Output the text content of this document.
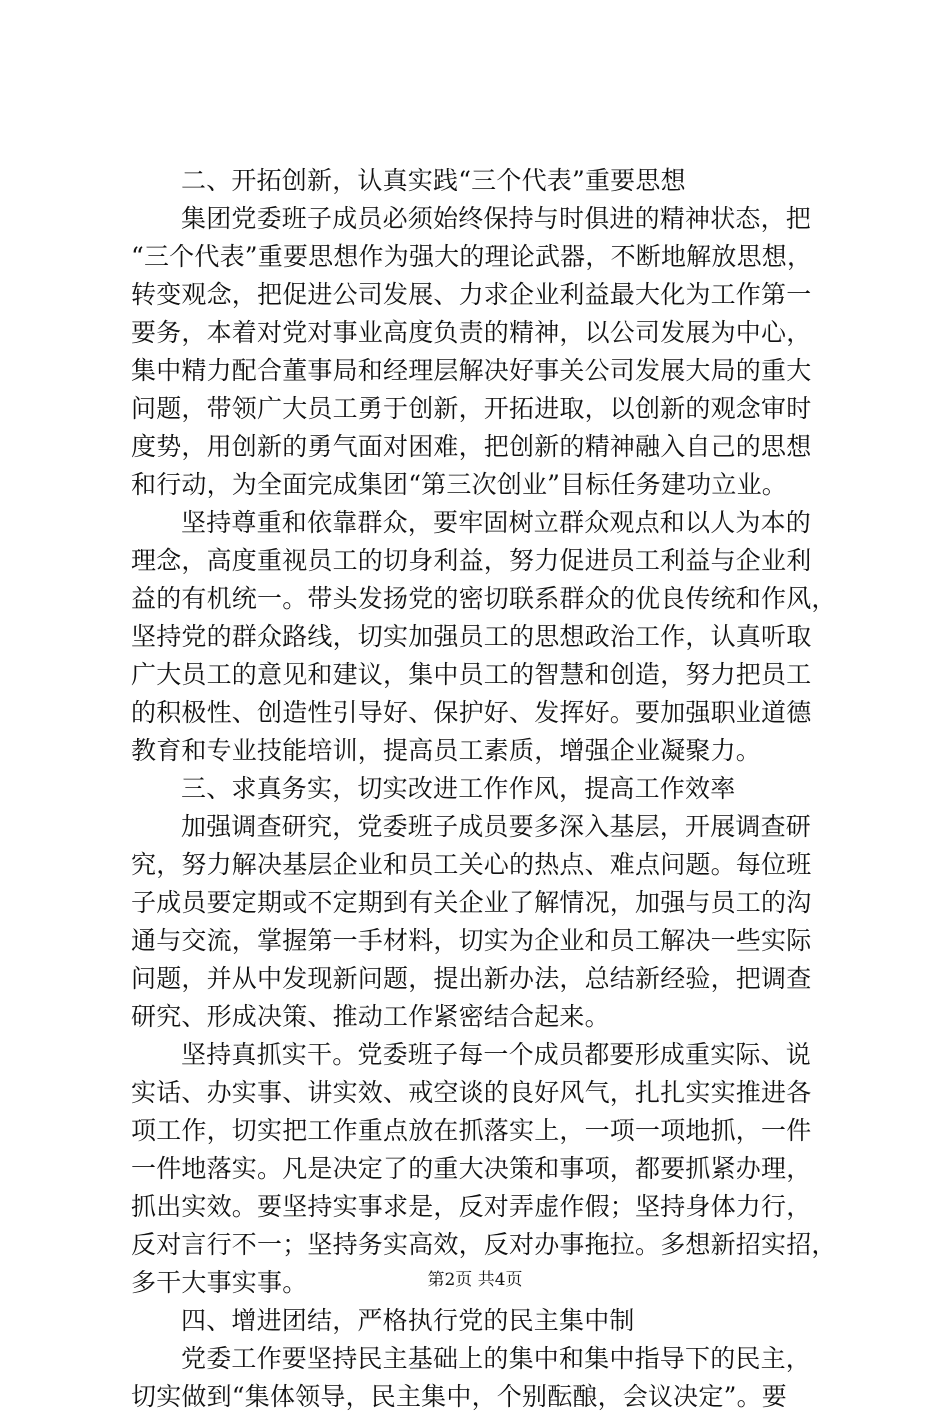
二、开拓创新，认真实践“三个代表”重要思想
集团党委班子成员必须始终保持与时俱进的精神状态，把
“三个代表”重要思想作为强大的理论武器，不断地解放思想，
转变观念，把促进公司发展、力求企业利益最大化为工作第一
要务，本着对党对事业高度负责的精神，以公司发展为中心，
集中精力配合董事局和经理层解决好事关公司发展大局的重大
问题，带领广大员工勇于创新，开拓进取，以创新的观念审时
度势，用创新的勇气面对困难，把创新的精神融入自己的思想
和行动，为全面完成集团“第三次创业”目标任务建功立业。
坚持尊重和依靠群众，要牢固树立群众观点和以人为本的
理念，高度重视员工的切身利益，努力促进员工利益与企业利
益的有机统一。带头发扬党的密切联系群众的优良传统和作风，
坚持党的群众路线，切实加强员工的思想政治工作，认真听取
广大员工的意见和建议，集中员工的智慧和创造，努力把员工
的积极性、创造性引导好、保护好、发挥好。要加强职业道德
教育和专业技能培训，提高员工素质，增强企业凝聚力。
三、求真务实，切实改进工作作风，提高工作效率
加强调查研究，党委班子成员要多深入基层，开展调查研
究，努力解决基层企业和员工关心的热点、难点问题。每位班
子成员要定期或不定期到有关企业了解情况，加强与员工的沟
通与交流，掌握第一手材料，切实为企业和员工解决一些实际
问题，并从中发现新问题，提出新办法，总结新经验，把调查
研究、形成决策、推动工作紧密结合起来。
坚持真抓实干。党委班子每一个成员都要形成重实际、说
实话、办实事、讲实效、戒空谈的良好风气，扎扎实实推进各
项工作，切实把工作重点放在抓落实上，一项一项地抓，一件
一件地落实。凡是决定了的重大决策和事项，都要抓紧办理，
抓出实效。要坚持实事求是，反对弄虚作假；坚持身体力行，
反对言行不一；坚持务实高效，反对办事拖拉。多想新招实招，
多干大事实事。
四、增进团结，严格执行党的民主集中制
党委工作要坚持民主基础上的集中和集中指导下的民主，
切实做到“集体领导，民主集中，个别酝酿，会议决定”。要
第2页 共4页
